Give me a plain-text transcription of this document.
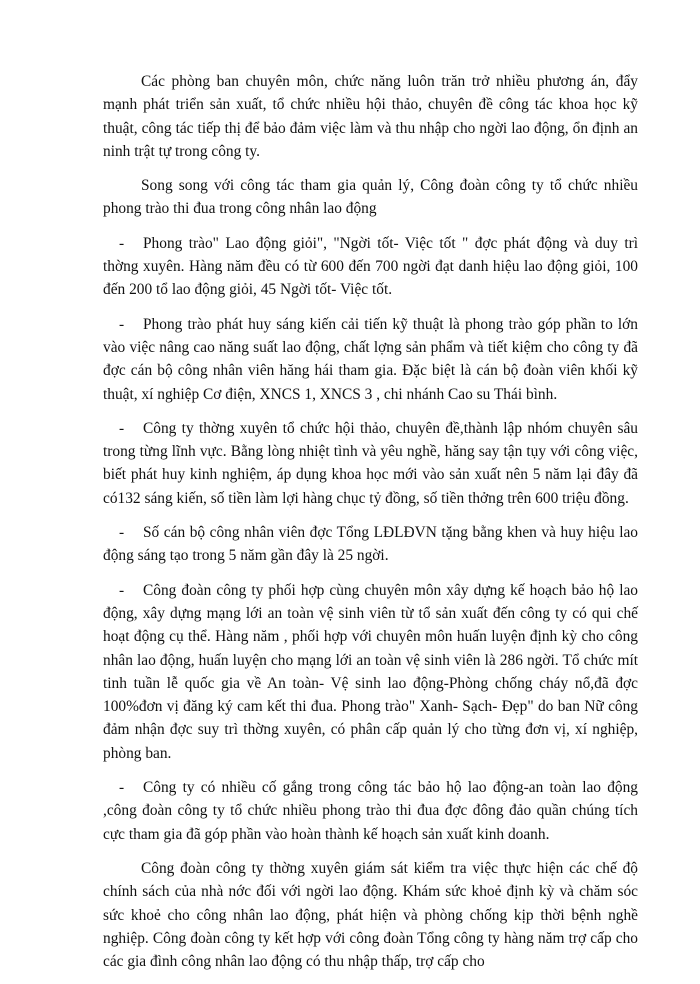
Các phòng ban chuyên môn, chức năng luôn trăn trở nhiều phương án, đẩy mạnh phát triển sản xuất, tổ chức nhiều hội thảo, chuyên đề công tác khoa học kỹ thuật, công tác tiếp thị để bảo đảm việc làm và thu nhập cho ngời lao động, ổn định an ninh trật tự trong công ty.

Song song với công tác tham gia quản lý, Công đoàn công ty tổ chức nhiều phong trào thi đua trong công nhân lao động

- Phong trào" Lao động giỏi", "Ngời tốt- Việc tốt " đợc phát động và duy trì thờng xuyên. Hàng năm đều có từ 600 đến 700 ngời đạt danh hiệu lao động giỏi, 100 đến 200 tổ lao động giỏi, 45 Ngời tốt- Việc tốt.

- Phong trào phát huy sáng kiến cải tiến kỹ thuật là phong trào góp phần to lớn vào việc nâng cao năng suất lao động, chất lợng sản phẩm và tiết kiệm cho công ty đã đợc cán bộ công nhân viên hăng hái tham gia. Đặc biệt là cán bộ đoàn viên khối kỹ thuật, xí nghiệp Cơ điện, XNCS 1, XNCS 3 , chi nhánh Cao su Thái bình.

- Công ty thờng xuyên tổ chức hội thảo, chuyên đề,thành lập nhóm chuyên sâu trong từng lĩnh vực. Bằng lòng nhiệt tình và yêu nghề, hăng say tận tụy với công việc, biết phát huy kinh nghiệm, áp dụng khoa học mới vào sản xuất nên 5 năm lại đây đã có132 sáng kiến, số tiền làm lợi hàng chục tỷ đồng, số tiền thởng trên 600 triệu đồng.

- Số cán bộ công nhân viên đợc Tổng LĐLĐVN tặng bằng khen và huy hiệu lao động sáng tạo trong 5 năm gần đây là 25 ngời.

- Công đoàn công ty phối hợp cùng chuyên môn xây dựng kế hoạch bảo hộ lao động, xây dựng mạng lới an toàn vệ sinh viên từ tổ sản xuất đến công ty có qui chế hoạt động cụ thể. Hàng năm , phối hợp với chuyên môn huấn luyện định kỳ cho công nhân lao động, huấn luyện cho mạng lới an toàn vệ sinh viên là 286 ngời. Tổ chức mít tinh tuần lễ quốc gia về An toàn- Vệ sinh lao động-Phòng chống cháy nổ,đã đợc 100%đơn vị đăng ký cam kết thi đua. Phong trào" Xanh- Sạch- Đẹp" do ban Nữ công đảm nhận đợc suy trì thờng xuyên, có phân cấp quản lý cho từng đơn vị, xí nghiệp, phòng ban.

- Công ty có nhiều cố gắng trong công tác bảo hộ lao động-an toàn lao động ,công đoàn công ty tổ chức nhiều phong trào thi đua đợc đông đảo quần chúng tích cực tham gia đã góp phần vào hoàn thành kế hoạch sản xuất kinh doanh.

Công đoàn công ty thờng xuyên giám sát kiểm tra việc thực hiện các chế độ chính sách của nhà nớc đối với ngời lao động. Khám sức khoẻ định kỳ và chăm sóc sức khoẻ cho công nhân lao động, phát hiện và phòng chống kịp thời bệnh nghề nghiệp. Công đoàn công ty kết hợp với công đoàn Tổng công ty hàng năm trợ cấp cho các gia đình công nhân lao động có thu nhập thấp, trợ cấp cho
